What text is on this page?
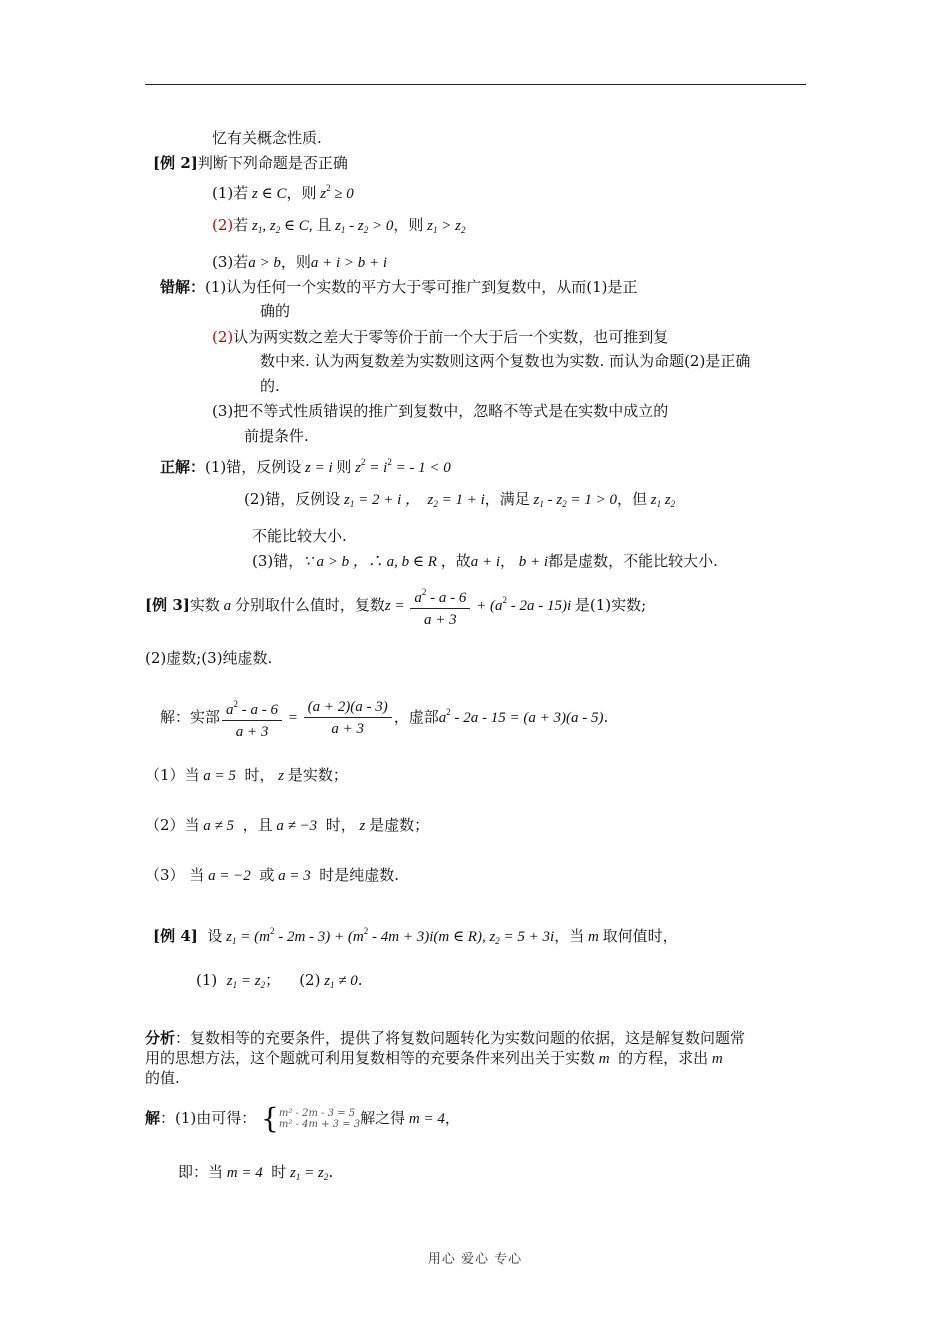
忆有关概念性质.
[例 2]判断下列命题是否正确
(1)若 z ∈ C，则 $z^2 \ge 0$
(2)若 $z_1$, $z_2$ ∈ C, 且 $z_1 - z_2 > 0$，则 $z_1 > z_2$
(3)若a > b，则a + i > b + i
错解：(1)认为任何一个实数的平方大于零可推广到复数中，从而(1)是正
确的
(2)认为两实数之差大于零等价于前一个大于后一个实数，也可推到复
数中来. 认为两复数差为实数则这两个复数也为实数. 而认为命题(2)是正确
的.
(3)把不等式性质错误的推广到复数中，忽略不等式是在实数中成立的
前提条件.
正解：(1)错，反例设 z = i 则 $z^2 = i^2$ = - 1 < 0
(2)错，反例设 $z_1 = 2 + i$ ，  $z_2 = 1 + i$，满足 $z_1 - z_2 = 1 > 0$，但 $z_1$ $z_2$
不能比较大小.
(3)错，∵ a > b ，∴ a, b ∈ R ，故a + i， b + i都是虚数，不能比较大小.
[例 3]实数 a 分别取什么值时，复数$z = \frac{a^2 - a - 6}{a + 3} + (a^2 - 2a - 15)i$ 是(1)实数;
(2)虚数;(3)纯虚数.
解：实部 $\frac{a^2 - a - 6}{a + 3} = \frac{(a + 2)(a - 3)}{a + 3}$ ，虚部$a^2 - 2a - 15 = (a + 3)(a - 5)$.
（1）当 a = 5  时， z 是实数；
（2）当 a ≠ 5  ，且 a ≠ −3  时， z 是虚数；
（3） 当 a = −2  或 a = 3  时是纯虚数.
[例 4] 设 $z_1 = (m^2 - 2m - 3) + (m^2 - 4m + 3)i(m$ ∈ R), $z_2 = 5 + 3i$，当 m 取何值时，
(1) $z_1 = z_2$；    (2) $z_1 \ne 0$.
分析：复数相等的充要条件，提供了将复数问题转化为实数问题的依据，这是解复数问题常
用的思想方法，这个题就可利用复数相等的充要条件来列出关于实数 m  的方程，求出 m
的值.
解：(1)由可得： {m² - 2m - 3 = 5
m² - 4m + 3 = 3解之得 m = 4，
即：当 m = 4  时 $z_1 = z_2$.
用心 爱心 专心
